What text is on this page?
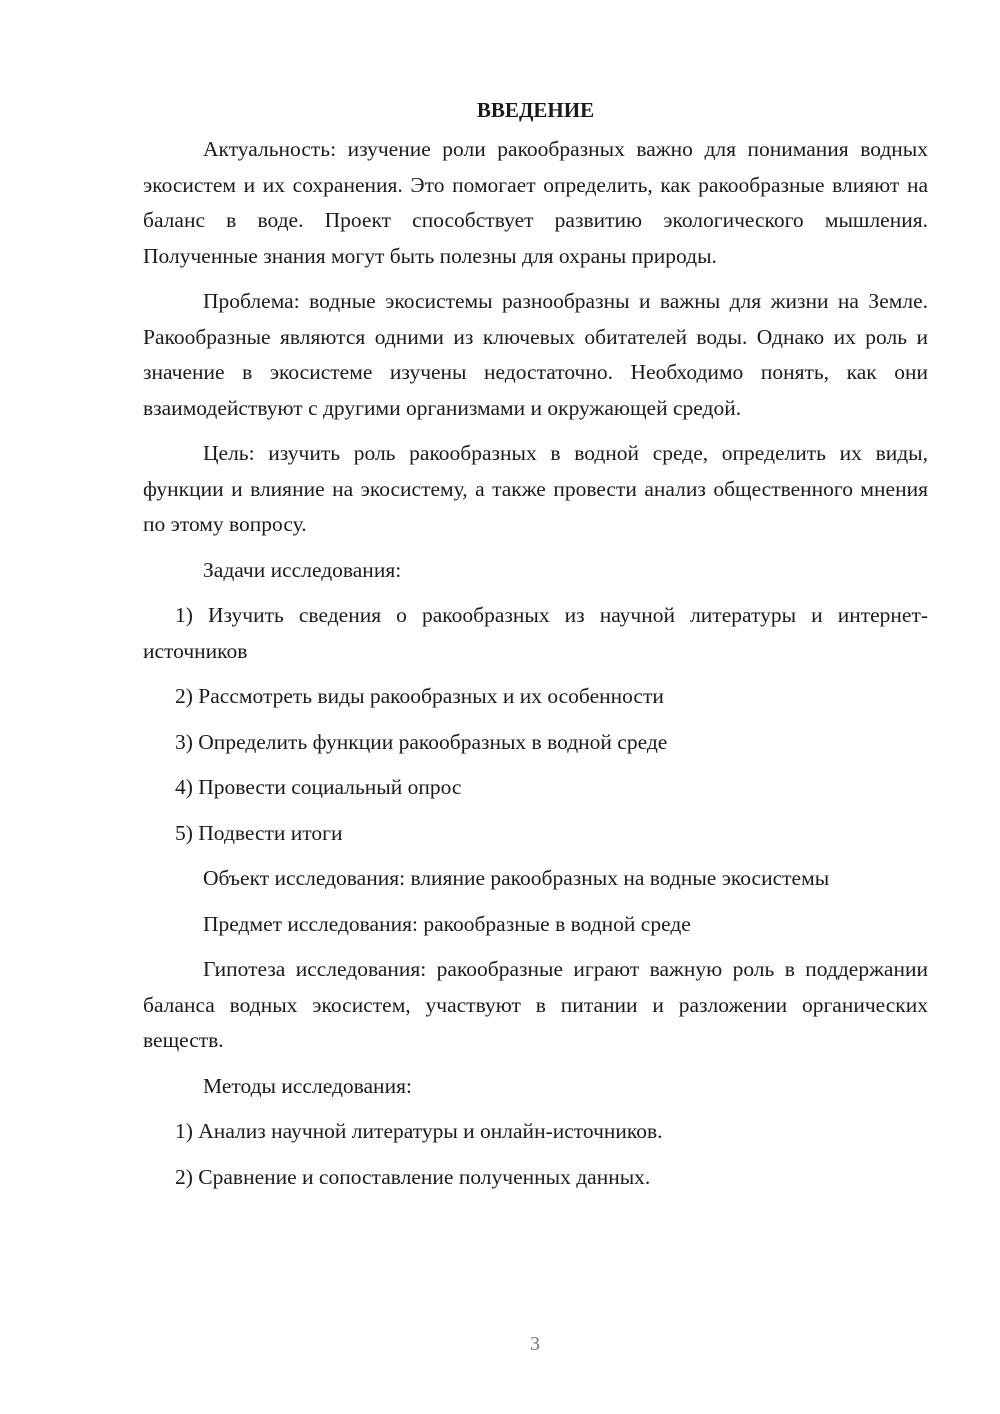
ВВЕДЕНИЕ

Актуальность: изучение роли ракообразных важно для понимания водных экосистем и их сохранения. Это помогает определить, как ракообразные влияют на баланс в воде. Проект способствует развитию экологического мышления. Полученные знания могут быть полезны для охраны природы.

Проблема: водные экосистемы разнообразны и важны для жизни на Земле. Ракообразные являются одними из ключевых обитателей воды. Однако их роль и значение в экосистеме изучены недостаточно. Необходимо понять, как они взаимодействуют с другими организмами и окружающей средой.

Цель: изучить роль ракообразных в водной среде, определить их виды, функции и влияние на экосистему, а также провести анализ общественного мнения по этому вопросу.

Задачи исследования:

1) Изучить сведения о ракообразных из научной литературы и интернет-источников

2) Рассмотреть виды ракообразных и их особенности

3) Определить функции ракообразных в водной среде

4) Провести социальный опрос

5) Подвести итоги

Объект исследования: влияние ракообразных на водные экосистемы

Предмет исследования: ракообразные в водной среде

Гипотеза исследования: ракообразные играют важную роль в поддержании баланса водных экосистем, участвуют в питании и разложении органических веществ.

Методы исследования:

1) Анализ научной литературы и онлайн-источников.

2) Сравнение и сопоставление полученных данных.

3
